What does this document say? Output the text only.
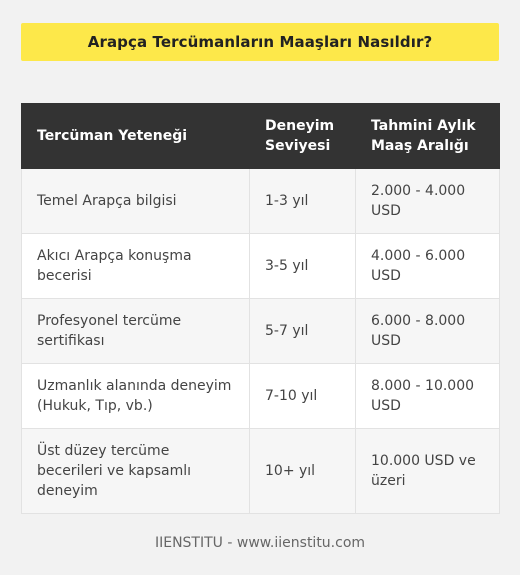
Arapça Tercümanların Maaşları Nasıldır?
Tercüman Yeteneği	Deneyim Seviyesi	Tahmini Aylık Maaş Aralığı
Temel Arapça bilgisi	1-3 yıl	2.000 - 4.000 USD
Akıcı Arapça konuşma becerisi	3-5 yıl	4.000 - 6.000 USD
Profesyonel tercüme sertifikası	5-7 yıl	6.000 - 8.000 USD
Uzmanlık alanında deneyim (Hukuk, Tıp, vb.)	7-10 yıl	8.000 - 10.000 USD
Üst düzey tercüme becerileri ve kapsamlı deneyim	10+ yıl	10.000 USD ve üzeri
IIENSTITU - www.iienstitu.com
